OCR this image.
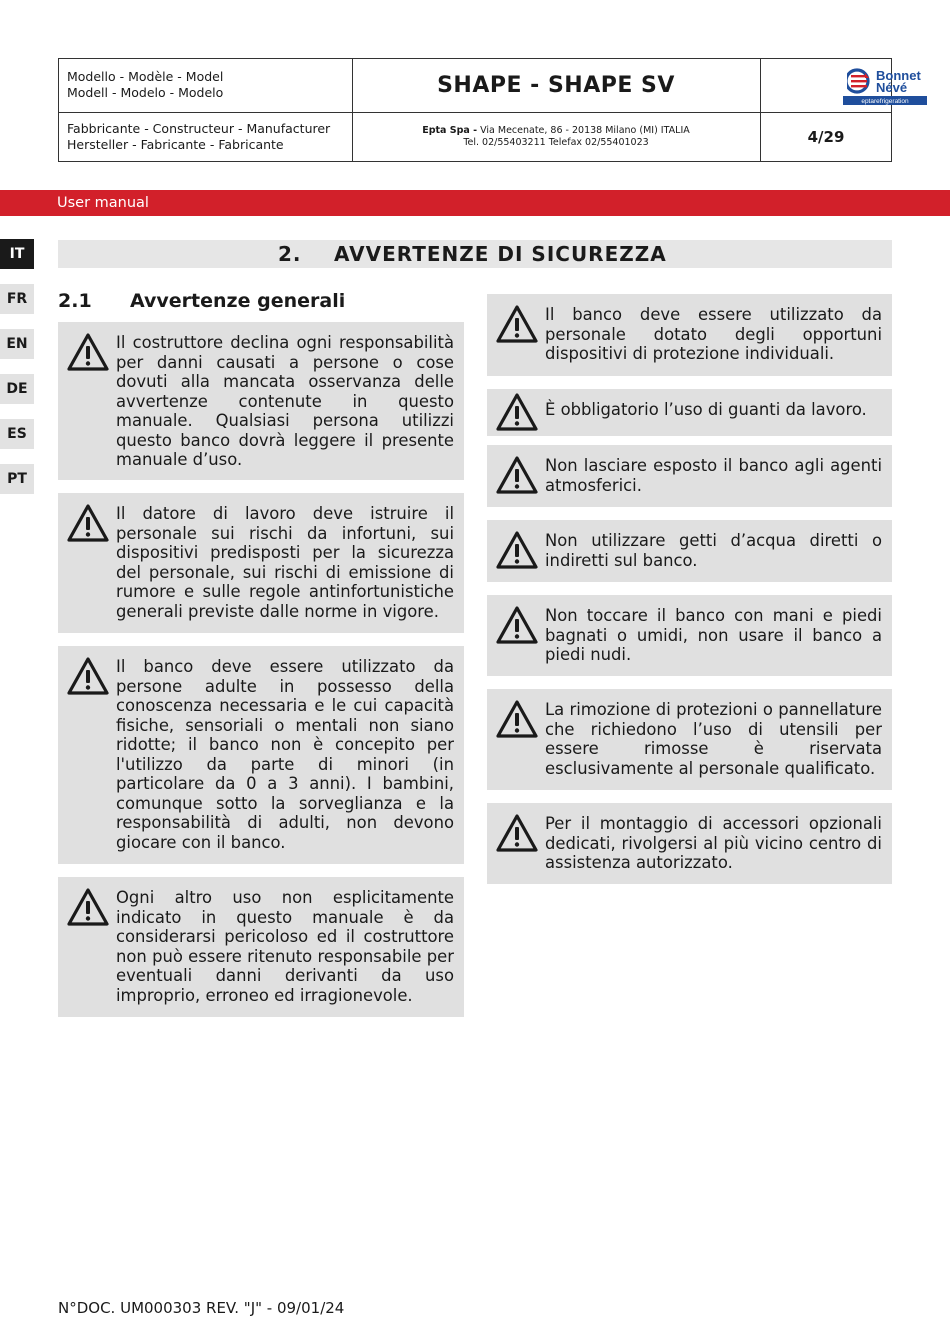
Modello - Modèle - Model
Modell - Modelo - Modelo	SHAPE - SHAPE SV	Bonnet
Névé
eptarefrigeration
Fabbricante - Constructeur - Manufacturer
Hersteller - Fabricante - Fabricante
Epta Spa - Via Mecenate, 86 - 20138 Milano (MI) ITALIA
Tel. 02/55403211 Telefax 02/55401023	4/29
User manual
IT
FR
EN
DE
ES
PT
2. AVVERTENZE DI SICUREZZA
2.1 Avvertenze generali
Il costruttore declina ogni responsabilità per danni causati a persone o cose dovuti alla mancata osservanza delle avvertenze contenute in questo manuale. Qualsiasi persona utilizzi questo banco dovrà leggere il presente manuale d’uso.
Il datore di lavoro deve istruire il personale sui rischi da infortuni, sui dispositivi predisposti per la sicurezza del personale, sui rischi di emissione di rumore e sulle regole antinfortunistiche generali previste dalle norme in vigore.
Il banco deve essere utilizzato da persone adulte in possesso della conoscenza necessaria e le cui capacità fisiche, sensoriali o mentali non siano ridotte; il banco non è concepito per l'utilizzo da parte di minori (in particolare da 0 a 3 anni). I bambini, comunque sotto la sorveglianza e la responsabilità di adulti, non devono giocare con il banco.
Ogni altro uso non esplicitamente indicato in questo manuale è da considerarsi pericoloso ed il costruttore non può essere ritenuto responsabile per eventuali danni derivanti da uso improprio, erroneo ed irragionevole.
Il banco deve essere utilizzato da personale dotato degli opportuni dispositivi di protezione individuali.
È obbligatorio l’uso di guanti da lavoro.
Non lasciare esposto il banco agli agenti atmosferici.
Non utilizzare getti d’acqua diretti o indiretti sul banco.
Non toccare il banco con mani e piedi bagnati o umidi, non usare il banco a piedi nudi.
La rimozione di protezioni o pannellature che richiedono l’uso di utensili per essere rimosse è riservata esclusivamente al personale qualificato.
Per il montaggio di accessori opzionali dedicati, rivolgersi al più vicino centro di assistenza autorizzato.
N°DOC. UM000303 REV. "J" - 09/01/24
